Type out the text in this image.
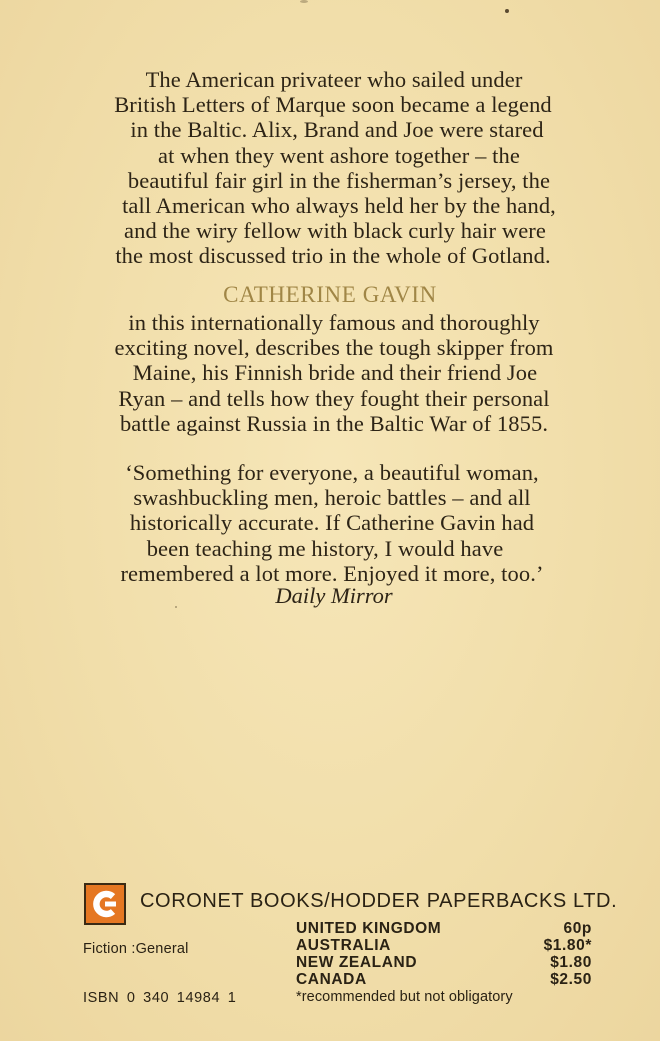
The American privateer who sailed under
British Letters of Marque soon became a legend
in the Baltic. Alix, Brand and Joe were stared
at when they went ashore together – the
beautiful fair girl in the fisherman’s jersey, the
tall American who always held her by the hand,
and the wiry fellow with black curly hair were
the most discussed trio in the whole of Gotland.
CATHERINE GAVIN
in this internationally famous and thoroughly
exciting novel, describes the tough skipper from
Maine, his Finnish bride and their friend Joe
Ryan – and tells how they fought their personal
battle against Russia in the Baltic War of 1855.
‘Something for everyone, a beautiful woman,
swashbuckling men, heroic battles – and all
historically accurate. If Catherine Gavin had
been teaching me history, I would have
remembered a lot more. Enjoyed it more, too.’
Daily Mirror
CORONET BOOKS/HODDER PAPERBACKS LTD.
Fiction :General
UNITED KINGDOM	60p
AUSTRALIA	$1.80*
NEW ZEALAND	$1.80
CANADA	$2.50
*recommended but not obligatory
ISBN 0 340 14984 1
